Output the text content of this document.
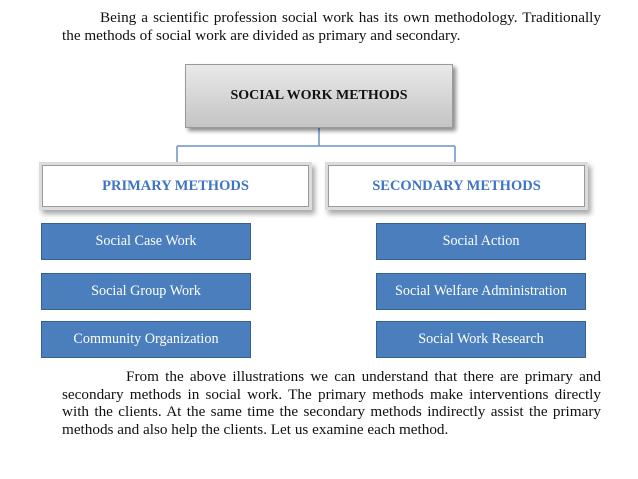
Being a scientific profession social work has its own methodology. Traditionally the methods of social work are divided as primary and secondary.

SOCIAL WORK METHODS
PRIMARY METHODS	SECONDARY METHODS
Social Case Work
Social Group Work
Community Organization
Social Action
Social Welfare Administration
Social Work Research

From the above illustrations we can understand that there are primary and secondary methods in social work. The primary methods make interventions directly with the clients. At the same time the secondary methods indirectly assist the primary methods and also help the clients. Let us examine each method.
